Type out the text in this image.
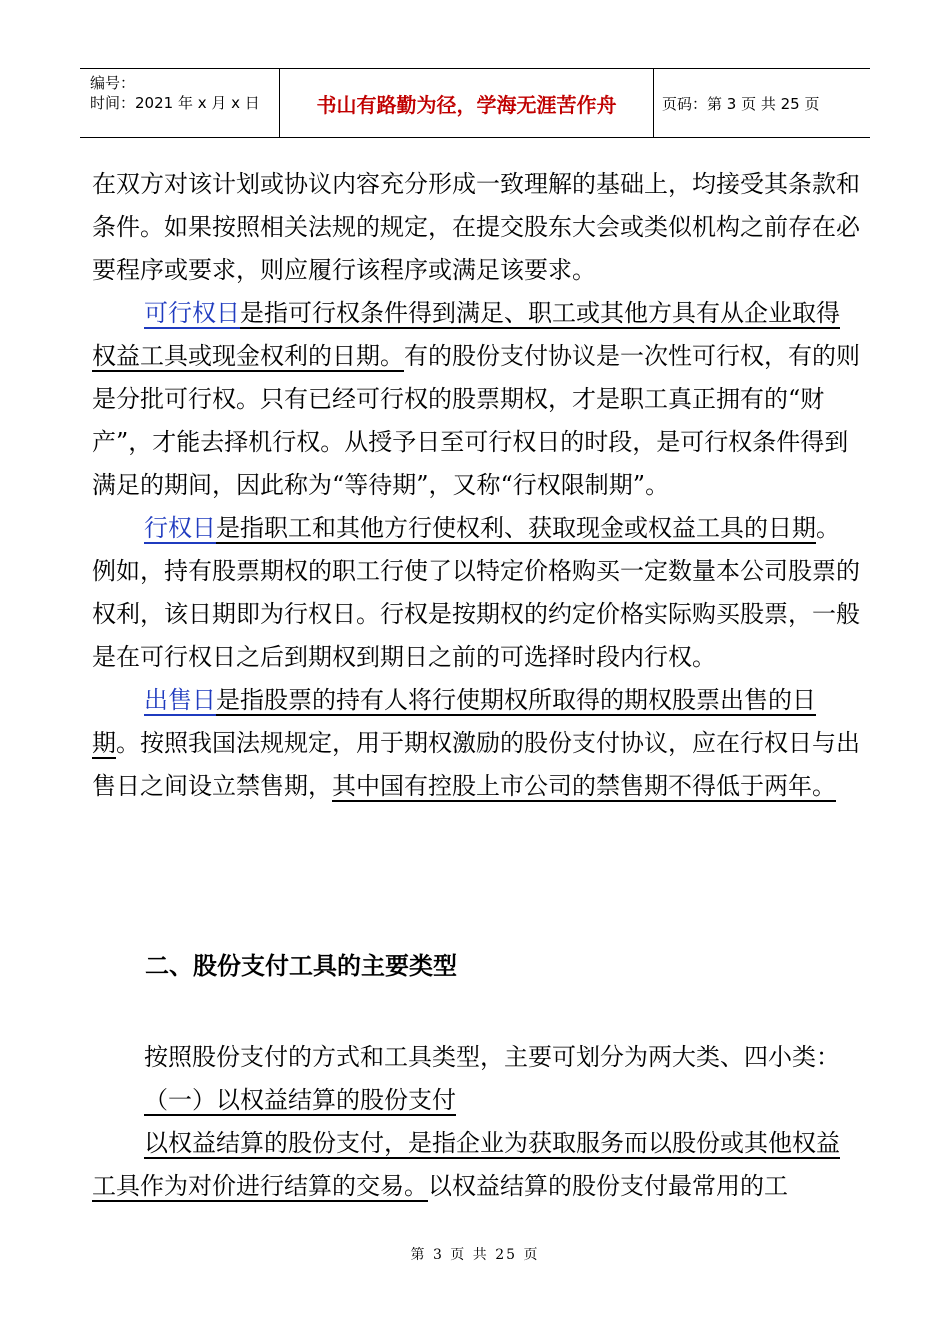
编号：
时间：2021 年 x 月 x 日	书山有路勤为径，学海无涯苦作舟	页码：第 3 页 共 25 页

在双方对该计划或协议内容充分形成一致理解的基础上，均接受其条款和条件。如果按照相关法规的规定，在提交股东大会或类似机构之前存在必要程序或要求，则应履行该程序或满足该要求。

可行权日是指可行权条件得到满足、职工或其他方具有从企业取得权益工具或现金权利的日期。有的股份支付协议是一次性可行权，有的则是分批可行权。只有已经可行权的股票期权，才是职工真正拥有的“财产”，才能去择机行权。从授予日至可行权日的时段，是可行权条件得到满足的期间，因此称为“等待期”，又称“行权限制期”。

行权日是指职工和其他方行使权利、获取现金或权益工具的日期。例如，持有股票期权的职工行使了以特定价格购买一定数量本公司股票的权利，该日期即为行权日。行权是按期权的约定价格实际购买股票，一般是在可行权日之后到期权到期日之前的可选择时段内行权。

出售日是指股票的持有人将行使期权所取得的期权股票出售的日期。按照我国法规规定，用于期权激励的股份支付协议，应在行权日与出售日之间设立禁售期，其中国有控股上市公司的禁售期不得低于两年。

二、股份支付工具的主要类型

按照股份支付的方式和工具类型，主要可划分为两大类、四小类：

（一）以权益结算的股份支付

以权益结算的股份支付，是指企业为获取服务而以股份或其他权益工具作为对价进行结算的交易。以权益结算的股份支付最常用的工

第 3 页 共 25 页
